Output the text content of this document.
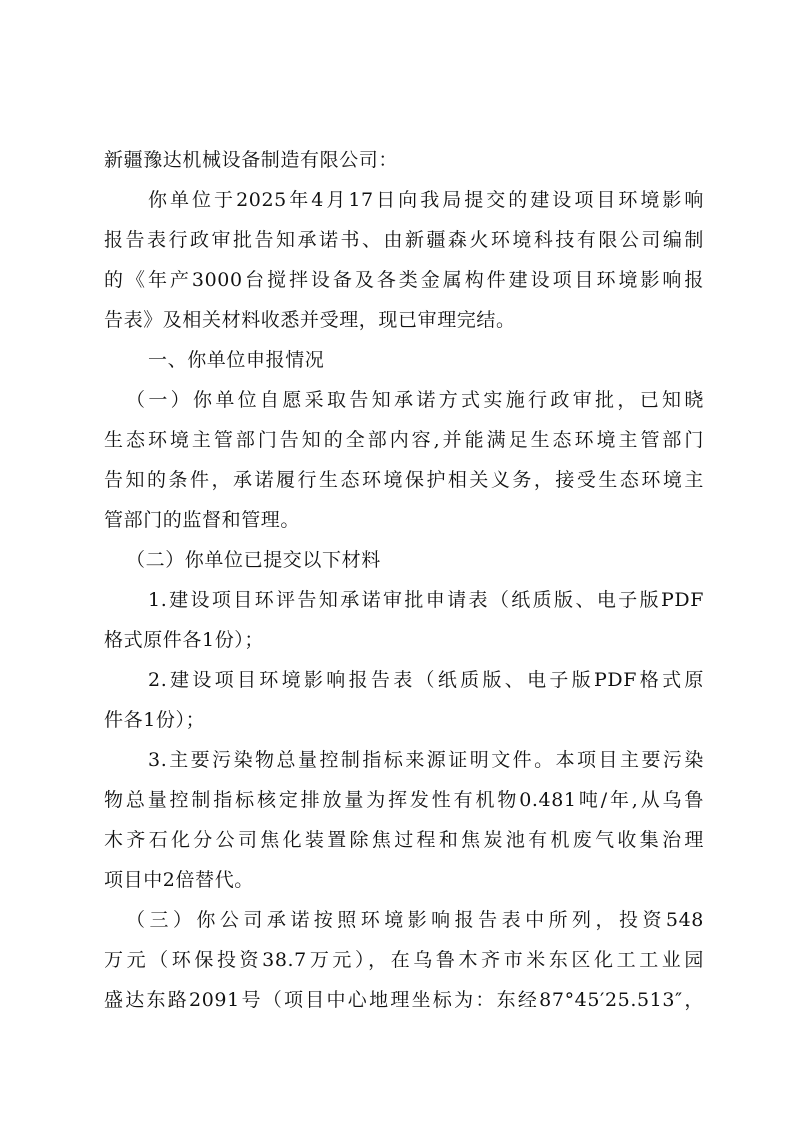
新疆豫达机械设备制造有限公司：

你单位于2025年4月17日向我局提交的建设项目环境影响

报告表行政审批告知承诺书、由新疆森火环境科技有限公司编制

的《年产3000台搅拌设备及各类金属构件建设项目环境影响报

告表》及相关材料收悉并受理，现已审理完结。

一、你单位申报情况

（一）你单位自愿采取告知承诺方式实施行政审批，已知晓

生态环境主管部门告知的全部内容,并能满足生态环境主管部门

告知的条件，承诺履行生态环境保护相关义务，接受生态环境主

管部门的监督和管理。

（二）你单位已提交以下材料

1.建设项目环评告知承诺审批申请表（纸质版、电子版PDF

格式原件各1份）；

2.建设项目环境影响报告表（纸质版、电子版PDF格式原

件各1份）；

3.主要污染物总量控制指标来源证明文件。本项目主要污染

物总量控制指标核定排放量为挥发性有机物0.481吨/年,从乌鲁

木齐石化分公司焦化装置除焦过程和焦炭池有机废气收集治理

项目中2倍替代。

（三）你公司承诺按照环境影响报告表中所列，投资548

万元（环保投资38.7万元），在乌鲁木齐市米东区化工工业园

盛达东路2091号（项目中心地理坐标为：东经87°45′25.513″，
